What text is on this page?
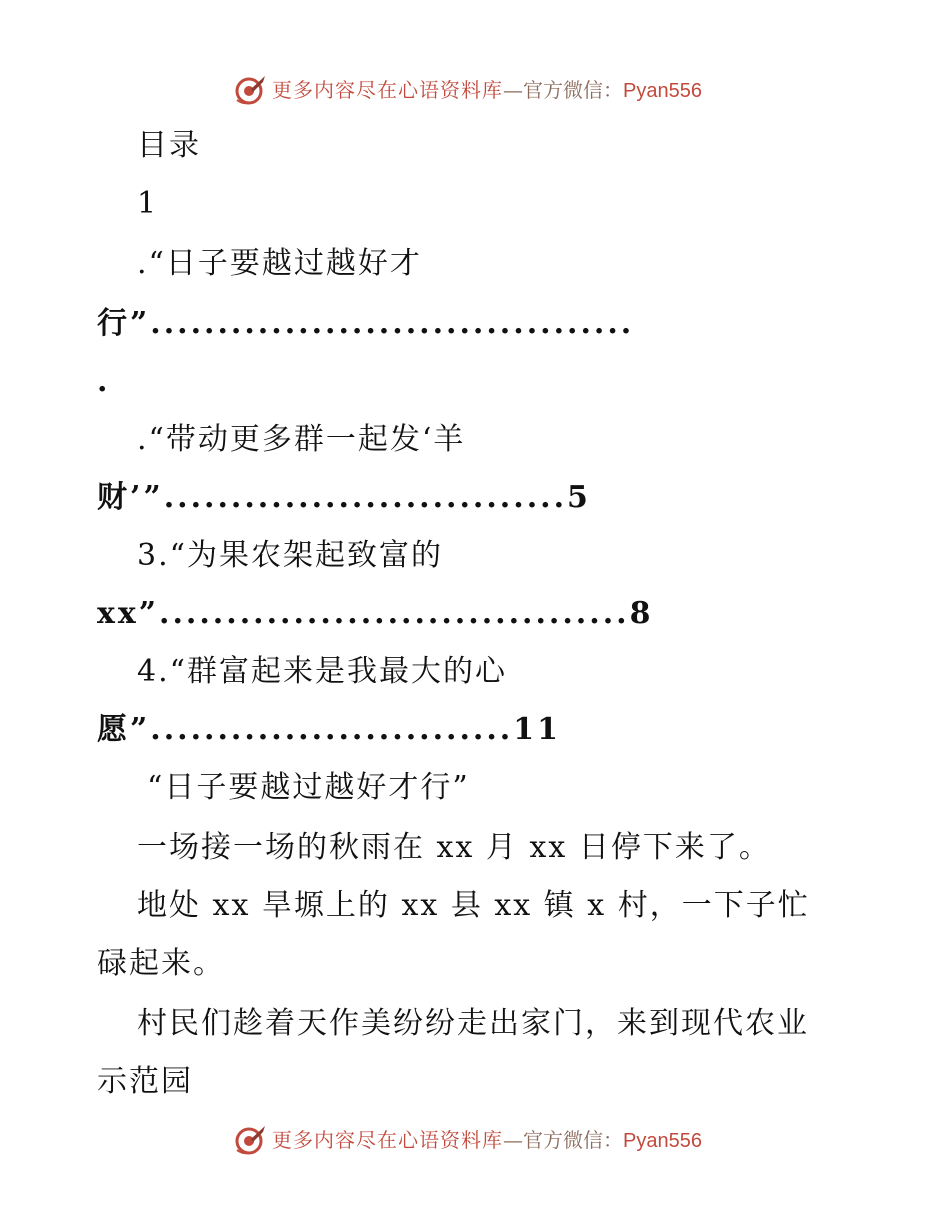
更多内容尽在心语资料库—官方微信：Pyan556
目录
1
.“日子要越过越好才
行”....................................
.
.“带动更多群一起发‘羊
财’”..............................5
3.“为果农架起致富的
xx”...................................8
4.“群富起来是我最大的心
愿”...........................11
“日子要越过越好才行”
一场接一场的秋雨在 xx 月 xx 日停下来了。
地处 xx 旱塬上的 xx 县 xx 镇 x 村，一下子忙
碌起来。
村民们趁着天作美纷纷走出家门，来到现代农业
示范园
更多内容尽在心语资料库—官方微信：Pyan556
